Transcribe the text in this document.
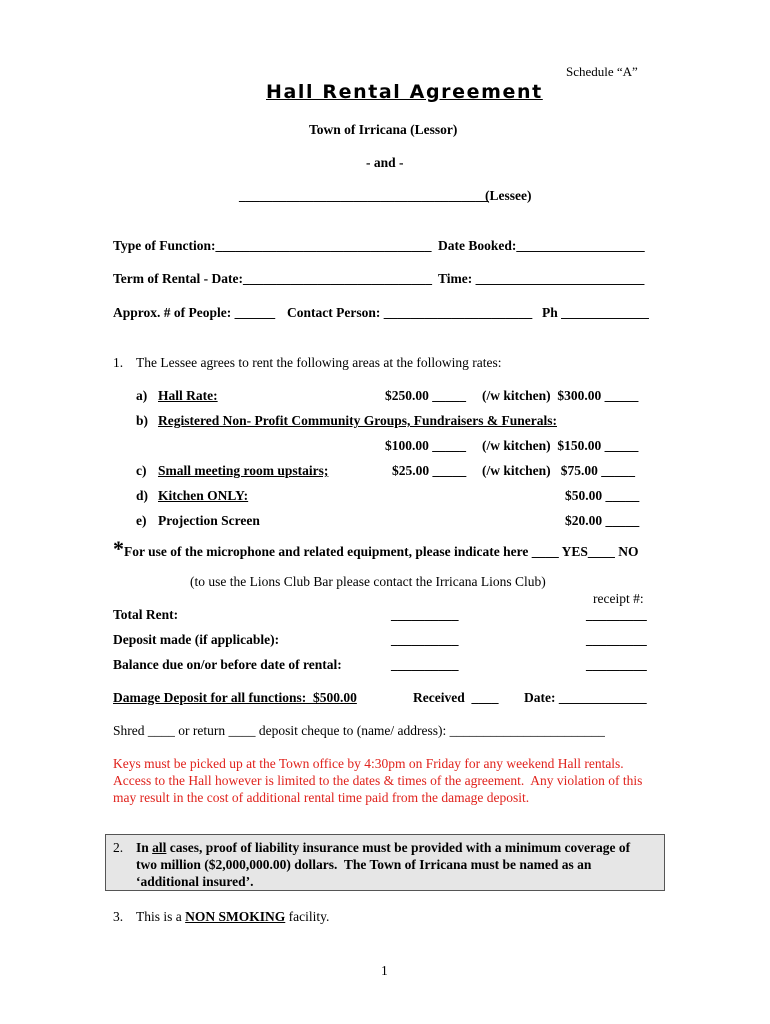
Schedule “A”
Hall Rental Agreement
Town of Irricana (Lessor)
- and -
_____________________________________
(Lessee)
Type of Function:________________________________ Date Booked:___________________
Term of Rental - Date:____________________________ Time: _________________________
Approx. # of People: ______ Contact Person: ______________________ Ph _____________
1. The Lessee agrees to rent the following areas at the following rates:
a) Hall Rate:	$250.00 _____ (/w kitchen)  $300.00 _____
b) Registered Non- Profit Community Groups, Fundraisers & Funerals:
$100.00 _____ (/w kitchen)  $150.00 _____
c) Small meeting room upstairs;	$25.00 _____ (/w kitchen)   $75.00 _____
d) Kitchen ONLY:	$50.00 _____
e) Projection Screen	$20.00 _____
* For use of the microphone and related equipment, please indicate here ____ YES____ NO
(to use the Lions Club Bar please contact the Irricana Lions Club)
receipt #:
Total Rent:	__________	_________
Deposit made (if applicable):	__________	_________
Balance due on/or before date of rental:	__________	_________
Damage Deposit for all functions:  $500.00	Received  ____ Date: _____________
Shred ____ or return ____ deposit cheque to (name/ address): _______________________
Keys must be picked up at the Town office by 4:30pm on Friday for any weekend Hall rentals.
Access to the Hall however is limited to the dates & times of the agreement.  Any violation of this
may result in the cost of additional rental time paid from the damage deposit.
2. In all cases, proof of liability insurance must be provided with a minimum coverage of
two million ($2,000,000.00) dollars.  The Town of Irricana must be named as an
‘additional insured’.
3. This is a NON SMOKING facility.
1
